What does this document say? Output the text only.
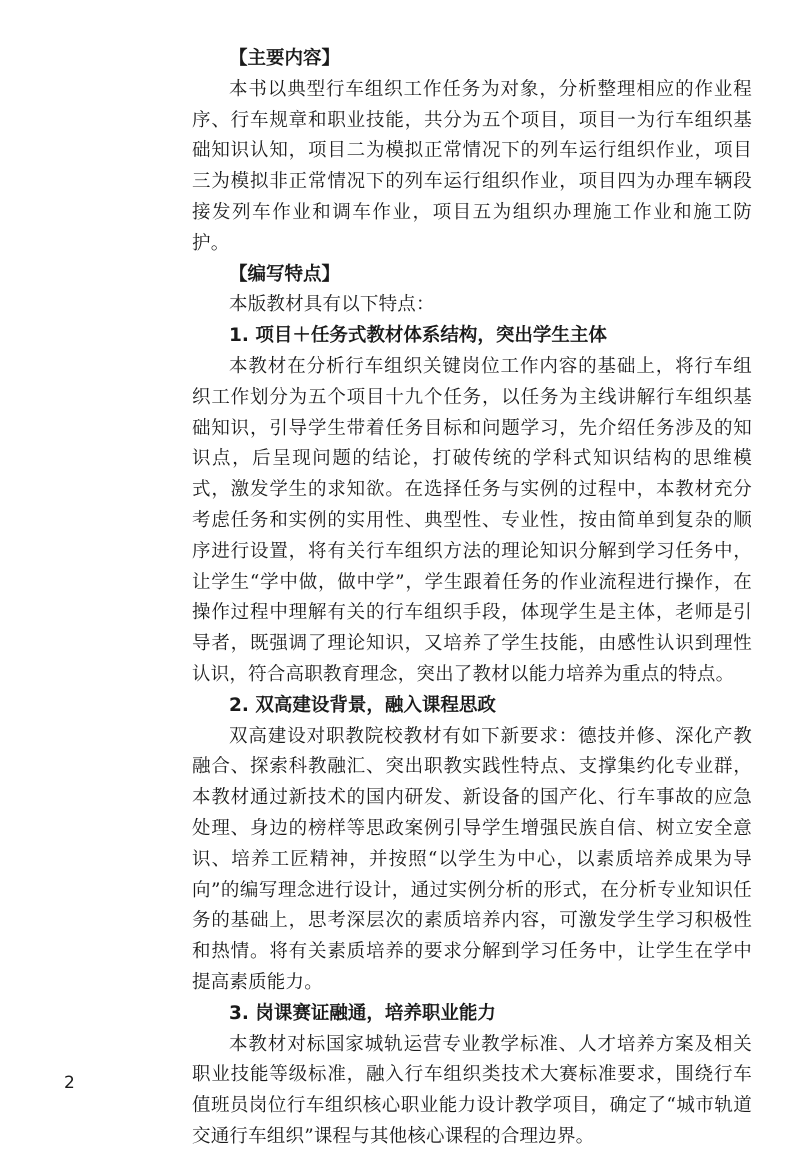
【主要内容】

本书以典型行车组织工作任务为对象，分析整理相应的作业程序、行车规章和职业技能，共分为五个项目，项目一为行车组织基础知识认知，项目二为模拟正常情况下的列车运行组织作业，项目三为模拟非正常情况下的列车运行组织作业，项目四为办理车辆段接发列车作业和调车作业，项目五为组织办理施工作业和施工防护。

【编写特点】

本版教材具有以下特点：

1. 项目＋任务式教材体系结构，突出学生主体

本教材在分析行车组织关键岗位工作内容的基础上，将行车组织工作划分为五个项目十九个任务，以任务为主线讲解行车组织基础知识，引导学生带着任务目标和问题学习，先介绍任务涉及的知识点，后呈现问题的结论，打破传统的学科式知识结构的思维模式，激发学生的求知欲。在选择任务与实例的过程中，本教材充分考虑任务和实例的实用性、典型性、专业性，按由简单到复杂的顺序进行设置，将有关行车组织方法的理论知识分解到学习任务中，让学生“学中做，做中学”，学生跟着任务的作业流程进行操作，在操作过程中理解有关的行车组织手段，体现学生是主体，老师是引导者，既强调了理论知识，又培养了学生技能，由感性认识到理性认识，符合高职教育理念，突出了教材以能力培养为重点的特点。

2. 双高建设背景，融入课程思政

双高建设对职教院校教材有如下新要求：德技并修、深化产教融合、探索科教融汇、突出职教实践性特点、支撑集约化专业群，本教材通过新技术的国内研发、新设备的国产化、行车事故的应急处理、身边的榜样等思政案例引导学生增强民族自信、树立安全意识、培养工匠精神，并按照“以学生为中心，以素质培养成果为导向”的编写理念进行设计，通过实例分析的形式，在分析专业知识任务的基础上，思考深层次的素质培养内容，可激发学生学习积极性和热情。将有关素质培养的要求分解到学习任务中，让学生在学中提高素质能力。

3. 岗课赛证融通，培养职业能力

本教材对标国家城轨运营专业教学标准、人才培养方案及相关职业技能等级标准，融入行车组织类技术大赛标准要求，围绕行车值班员岗位行车组织核心职业能力设计教学项目，确定了“城市轨道交通行车组织”课程与其他核心课程的合理边界。

2
